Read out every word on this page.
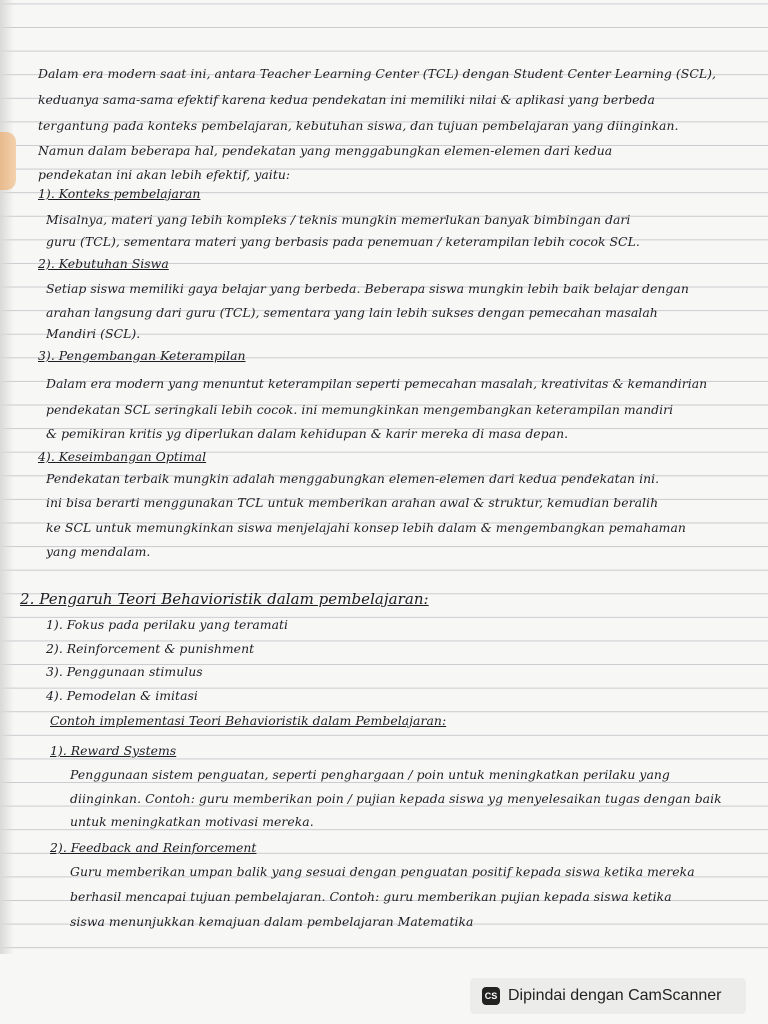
Dalam era modern saat ini, antara Teacher Learning Center (TCL) dengan Student Center Learning (SCL),
keduanya sama-sama efektif karena kedua pendekatan ini memiliki nilai & aplikasi yang berbeda
tergantung pada konteks pembelajaran, kebutuhan siswa, dan tujuan pembelajaran yang diinginkan.
Namun dalam beberapa hal, pendekatan yang menggabungkan elemen-elemen dari kedua
pendekatan ini akan lebih efektif, yaitu:
1). Konteks pembelajaran
Misalnya, materi yang lebih kompleks / teknis mungkin memerlukan banyak bimbingan dari
guru (TCL), sementara materi yang berbasis pada penemuan / keterampilan lebih cocok SCL.
2). Kebutuhan Siswa
Setiap siswa memiliki gaya belajar yang berbeda. Beberapa siswa mungkin lebih baik belajar dengan
arahan langsung dari guru (TCL), sementara yang lain lebih sukses dengan pemecahan masalah
Mandiri (SCL).
3). Pengembangan Keterampilan
Dalam era modern yang menuntut keterampilan seperti pemecahan masalah, kreativitas & kemandirian
pendekatan SCL seringkali lebih cocok. ini memungkinkan mengembangkan keterampilan mandiri
& pemikiran kritis yg diperlukan dalam kehidupan & karir mereka di masa depan.
4). Keseimbangan Optimal
Pendekatan terbaik mungkin adalah menggabungkan elemen-elemen dari kedua pendekatan ini.
ini bisa berarti menggunakan TCL untuk memberikan arahan awal & struktur, kemudian beralih
ke SCL untuk memungkinkan siswa menjelajahi konsep lebih dalam & mengembangkan pemahaman
yang mendalam.
2. Pengaruh Teori Behavioristik dalam pembelajaran:
1). Fokus pada perilaku yang teramati
2). Reinforcement & punishment
3). Penggunaan stimulus
4). Pemodelan & imitasi
Contoh implementasi Teori Behavioristik dalam Pembelajaran:
1). Reward Systems
Penggunaan sistem penguatan, seperti penghargaan / poin untuk meningkatkan perilaku yang
diinginkan. Contoh: guru memberikan poin / pujian kepada siswa yg menyelesaikan tugas dengan baik
untuk meningkatkan motivasi mereka.
2). Feedback and Reinforcement
Guru memberikan umpan balik yang sesuai dengan penguatan positif kepada siswa ketika mereka
berhasil mencapai tujuan pembelajaran. Contoh: guru memberikan pujian kepada siswa ketika
siswa menunjukkan kemajuan dalam pembelajaran Matematika
CS Dipindai dengan CamScanner
